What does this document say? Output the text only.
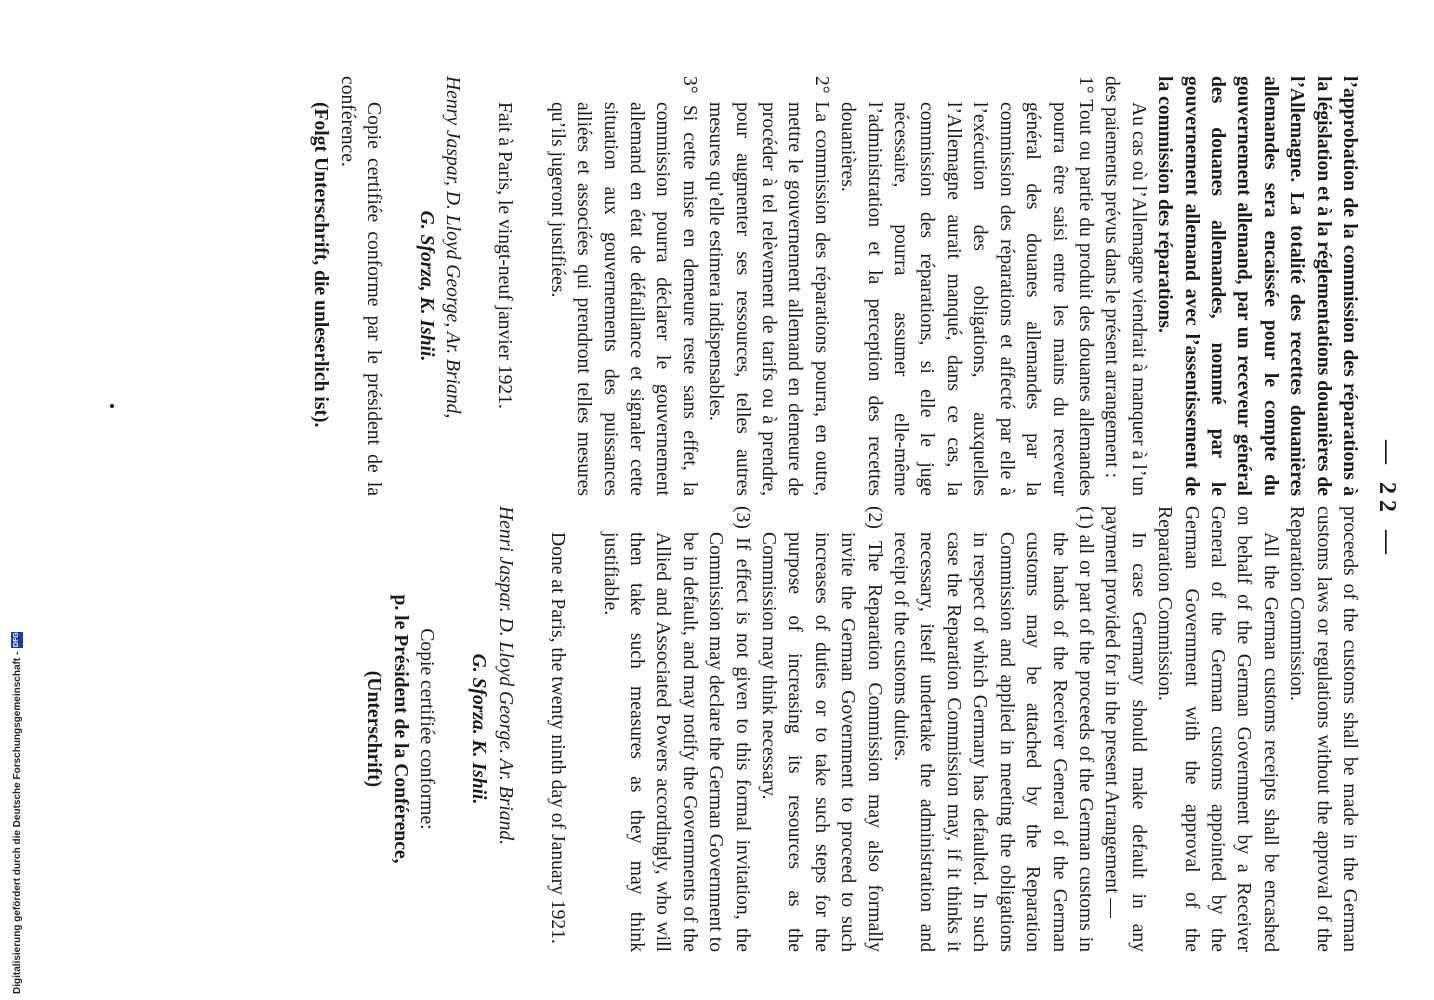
— 22 —

l’approbation de la commission des réparations à la législation et à la réglementations douanières de l’Allemagne. La totalité des recettes douanières allemandes sera encaissée pour le compte du gouvernement allemand, par un receveur général des douanes allemandes, nommé par le gouvernement allemand avec l’assentissement de la commission des réparations.

Au cas où l’Allemagne viendrait à manquer à l’un des paiements prévus dans le présent arrangement :

1° Tout ou partie du produit des douanes allemandes pourra être saisi entre les mains du receveur général des douanes allemandes par la commission des réparations et affecté par elle à l’exécution des obligations, auxquelles l’Allemagne aurait manqué, dans ce cas, la commission des réparations, si elle le juge nécessaire, pourra assumer elle-même l’administration et la perception des recettes douanières.

2° La commission des réparations pourra, en outre, mettre le gouvernement allemand en demeure de procéder à tel relèvement de tarifs ou à prendre, pour augmenter ses ressources, telles autres mesures qu’elle estimera indispensables.

3° Si cette mise en demeure reste sans effet, la commission pourra déclarer le gouvernement allemand en état de défaillance et signaler cette situation aux gouvernements des puissances alliées et associées qui prendront telles mesures qu’ils jugeront justifiées.

Fait à Paris, le vingt-neuf janvier 1921.

Henry Jaspar, D. Lloyd George, Ar. Briand,

G. Sforza, K. Ishii.

Copie certifiée conforme par le président de la conférence.

(Folgt Unterschrift, die unleserlich ist).

proceeds of the customs shall be made in the German customs laws or regulations without the approval of the Reparation Commission.

All the German customs receipts shall be encashed on behalf of the German Government by a Receiver General of the German customs appointed by the German Government with the approval of the Reparation Commission.

In case Germany should make default in any payment provided for in the present Arrangement —

(1) all or part of the proceeds of the German customs in the hands of the Receiver General of the German customs may be attached by the Reparation Commission and applied in meeting the obligations in respect of which Germany has defaulted. In such case the Reparation Commission may, if it thinks it necessary, itself undertake the administration and receipt of the customs duties.

(2) The Reparation Commission may also formally invite the German Government to proceed to such increases of duties or to take such steps for the purpose of increasing its resources as the Commission may think necessary.

(3) If effect is not given to this formal invitation, the Commission may declare the German Government to be in default, and may notify the Governments of the Allied and Associated Powers accordingly, who will then take such measures as they may think justifiable.

Done at Paris, the twenty ninth day of January 1921.

Henri Jaspar. D. Lloyd George. Ar. Briand.

G. Sforza. K. Ishii.

Copie certifiée conforme:

p. le Président de la Conférence,

(Unterschrift)

Digitalisierung gefördert durch die Deutsche Forschungsgemeinschaft -
DFG
